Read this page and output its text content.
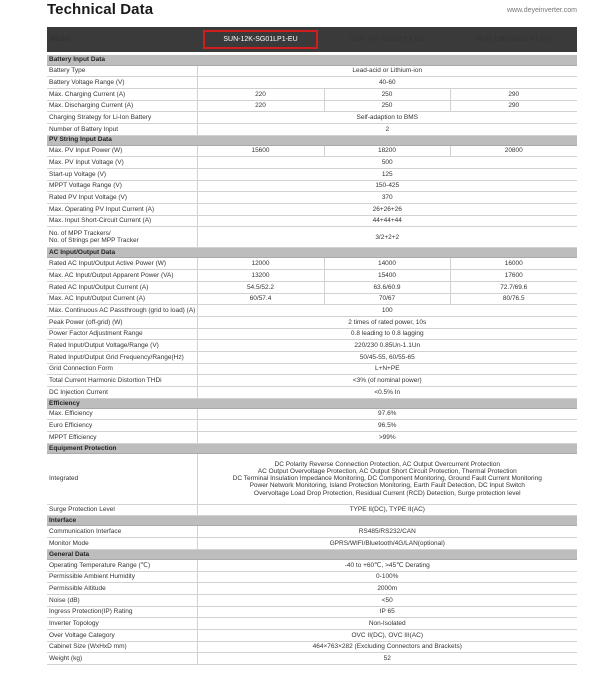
Technical Data	www.deyeinverter.com
Model	SUN-12K-SG01LP1-EU	SUN-14K-SG01LP1-EU	SUN-16K-SG01LP1-EU

Battery Input Data			
Battery Type	Lead-acid or Lithium-ion		
Battery Voltage Range (V)	40-60		
Max. Charging Current (A)	220	250	290
Max. Discharging Current (A)	220	250	290
Charging Strategy for Li-Ion Battery	Self-adaption to BMS		
Number of Battery Input	2		
PV String Input Data			
Max. PV Input Power (W)	15600	18200	20800
Max. PV Input Voltage (V)	500		
Start-up Voltage (V)	125		
MPPT Voltage Range (V)	150-425		
Rated PV Input Voltage (V)	370		
Max. Operating PV Input Current (A)	26+26+26		
Max. Input Short-Circuit Current (A)	44+44+44		

No. of MPP Trackers/
No. of Strings per MPP Tracker	3/2+2+2		
AC Input/Output Data			
Rated AC Input/Output Active Power (W)	12000	14000	16000
Max. AC Input/Output Apparent Power (VA)	13200	15400	17600
Rated AC Input/Output Current (A)	54.5/52.2	63.6/60.9	72.7/69.6
Max. AC Input/Output Current (A)	60/57.4	70/67	80/76.5
Max. Continuous AC Passthrough (grid to load) (A)	100		
Peak Power (off-grid) (W)	2 times of rated power, 10s		
Power Factor Adjustment Range	0.8 leading to 0.8 lagging		
Rated Input/Output Voltage/Range (V)	220/230 0.85Un-1.1Un		
Rated Input/Output Grid Frequency/Range(Hz)	50/45-55, 60/55-65		
Grid Connection Form	L+N+PE		
Total Current Harmonic Distortion THDi	<3% (of nominal power)		
DC Injection Current	<0.5% In		
Efficiency			
Max. Efficiency	97.6%		
Euro Efficiency	96.5%		
MPPT Efficiency	>99%		
Equipment Protection			
Integrated	DC Polarity Reverse Connection Protection, AC Output Overcurrent Protection
AC Output Overvoltage Protection, AC Output Short Circuit Protection, Thermal Protection
DC Terminal Insulation Impedance Monitoring, DC Component Monitoring, Ground Fault Current Monitoring
Power Network Monitoring, Island Protection Monitoring, Earth Fault Detection, DC Input Switch
Overvoltage Load Drop Protection, Residual Current (RCD) Detection, Surge protection level		

Surge Protection Level	TYPE II(DC), TYPE II(AC)		
Interface			
Communication Interface	RS485/RS232/CAN		
Monitor Mode	GPRS/WIFI/Bluetooth/4G/LAN(optional)		
General Data			
Operating Temperature Range (℃)	-40 to +60℃, >45℃ Derating		
Permissible Ambient Humidity	0-100%		
Permissible Altitude	2000m		
Noise (dB)	<50		
Ingress Protection(IP) Rating	IP 65		
Inverter Topology	Non-Isolated		
Over Voltage Category	OVC II(DC), OVC III(AC)		
Cabinet Size (WxHxD mm)	464×763×282 (Excluding Connectors and Brackets)		
Weight (kg)	52		
